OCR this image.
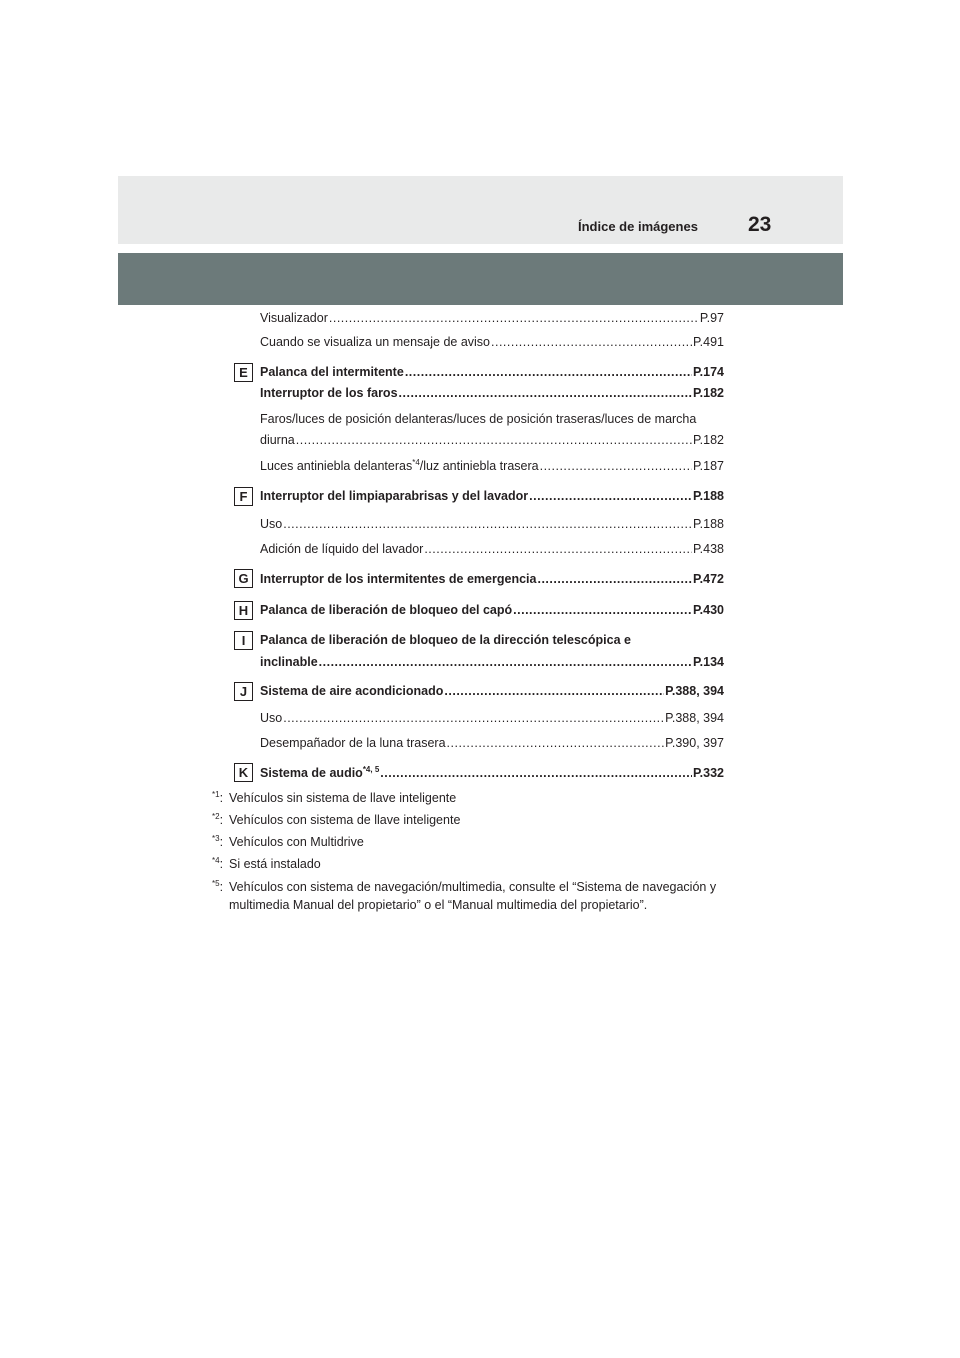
Índice de imágenes 23
Visualizador .....	P.97
Cuando se visualiza un mensaje de aviso .....	P.491
E Palanca del intermitente .....	P.174
Interruptor de los faros .....	P.182
Faros/luces de posición delanteras/luces de posición traseras/luces de marcha
diurna .....	P.182
Luces antiniebla delanteras$^{*4}$/luz antiniebla trasera .....	P.187
F	Interruptor del limpiaparabrisas y del lavador .....	P.188
Uso .....	P.188
Adición de líquido del lavador .....	P.438
G Interruptor de los intermitentes de emergencia .....	P.472
H Palanca de liberación de bloqueo del capó .....	P.430
I	Palanca de liberación de bloqueo de la dirección telescópica e
inclinable .....	P.134
J	Sistema de aire acondicionado .....	P.388, 394
Uso .....	P.388, 394
Desempañador de la luna trasera .....	P.390, 397
K Sistema de audio$^{*4, 5}$ .....	P.332
$^{*1}$: Vehículos sin sistema de llave inteligente
$^{*2}$: Vehículos con sistema de llave inteligente
$^{*3}$: Vehículos con Multidrive
$^{*4}$: Si está instalado
$^{*5}$: Vehículos con sistema de navegación/multimedia, consulte el “Sistema de navegación y
multimedia Manual del propietario” o el “Manual multimedia del propietario”.
